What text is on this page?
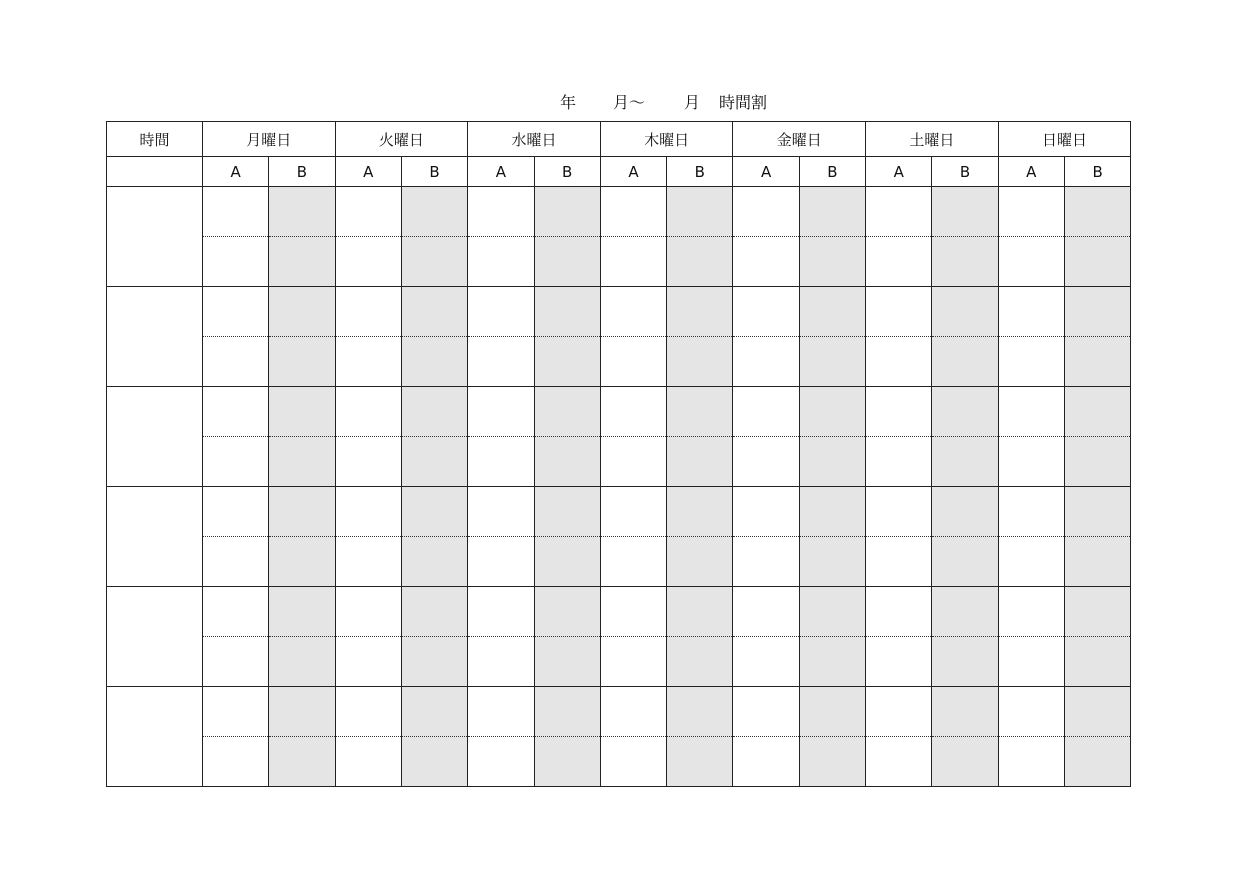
年 月〜 月 時間割
時間	月曜日		火曜日		水曜日		木曜日		金曜日		土曜日		日曜日	
	A	B	A	B	A	B	A	B	A	B	A	B	A	B
